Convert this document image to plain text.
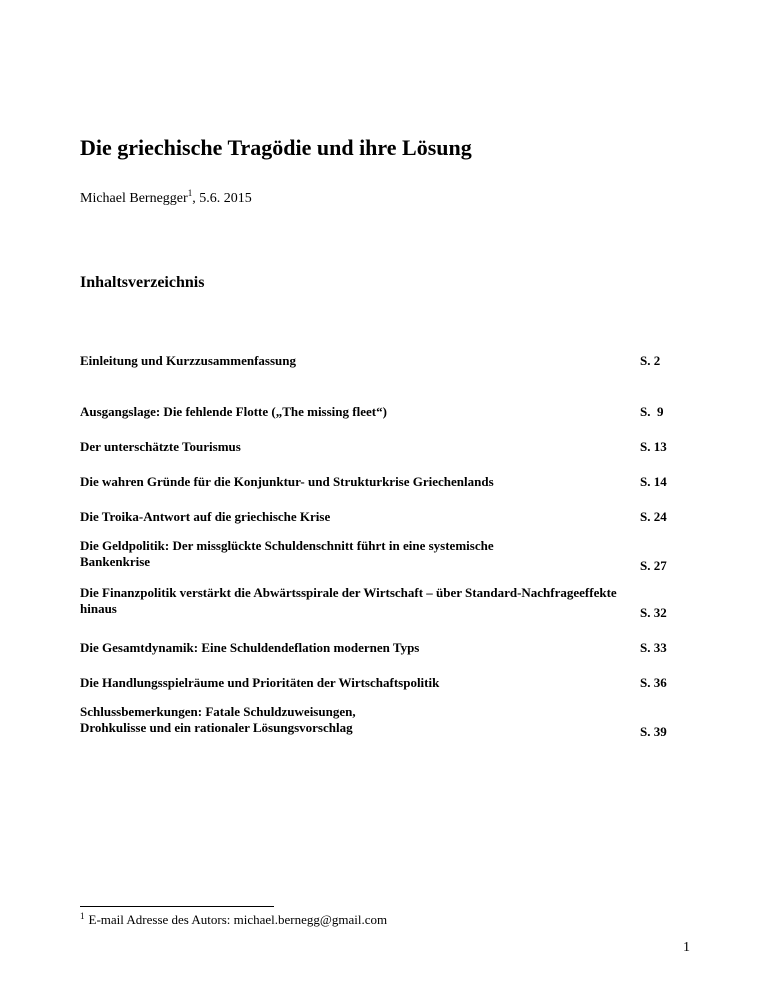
Die griechische Tragödie und ihre Lösung
Michael Bernegger$^1$, 5.6. 2015
Inhaltsverzeichnis
Einleitung und Kurzzusammenfassung	S. 2
Ausgangslage: Die fehlende Flotte („The missing fleet“)	S.  9
Der unterschätzte Tourismus	S. 13
Die wahren Gründe für die Konjunktur- und Strukturkrise Griechenlands	S. 14
Die Troika-Antwort auf die griechische Krise	S. 24
Die Geldpolitik: Der missglückte Schuldenschnitt führt in eine systemische Bankenkrise	S. 27
Die Finanzpolitik verstärkt die Abwärtsspirale der Wirtschaft – über Standard-Nachfrageeffekte hinaus	S. 32
Die Gesamtdynamik: Eine Schuldendeflation modernen Typs	S. 33
Die Handlungsspielräume und Prioritäten der Wirtschaftspolitik	S. 36
Schlussbemerkungen: Fatale Schuldzuweisungen, Drohkulisse und ein rationaler Lösungsvorschlag	S. 39
$^1$ E-mail Adresse des Autors: michael.bernegg@gmail.com
1
